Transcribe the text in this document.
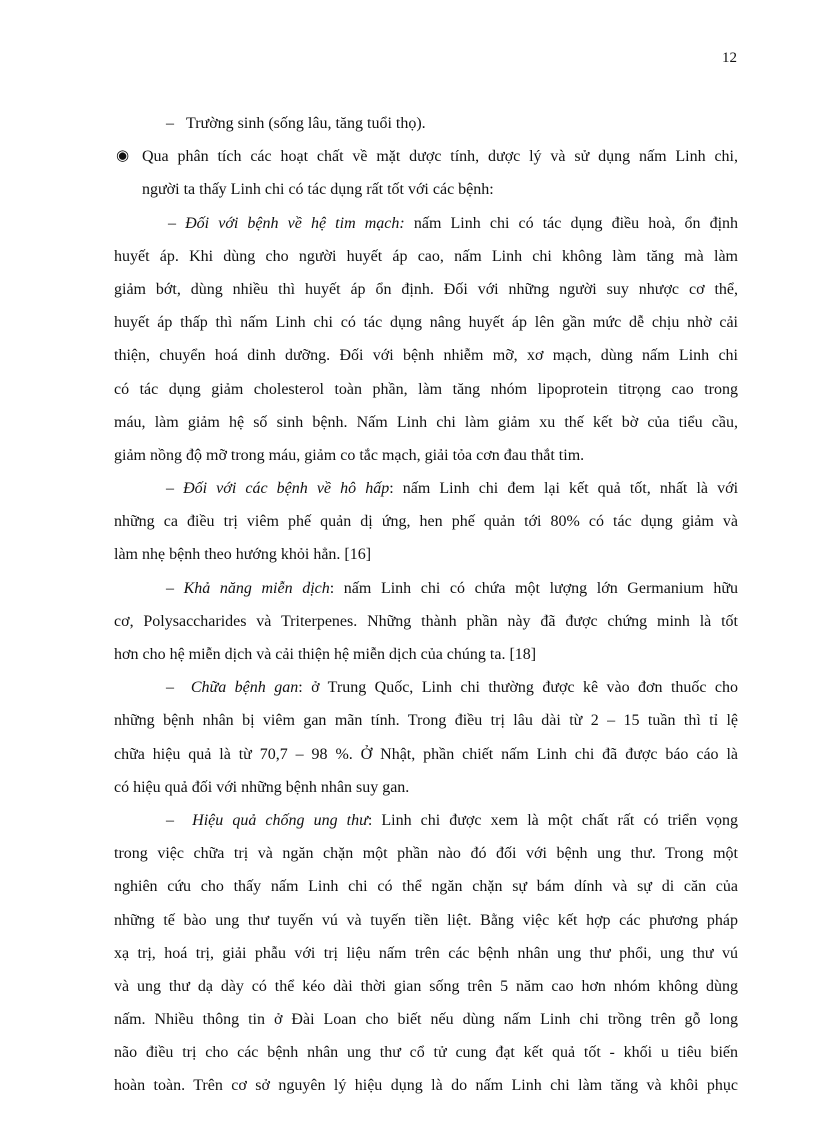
12
– Trường sinh (sống lâu, tăng tuổi thọ).
◉ Qua phân tích các hoạt chất về mặt dược tính, dược lý và sử dụng nấm Linh chi,
người ta thấy Linh chi có tác dụng rất tốt với các bệnh:
– Đối với bệnh về hệ tim mạch: nấm Linh chi có tác dụng điều hoà, ổn định
huyết áp. Khi dùng cho người huyết áp cao, nấm Linh chi không làm tăng mà làm
giảm bớt, dùng nhiều thì huyết áp ổn định. Đối với những người suy nhược cơ thể,
huyết áp thấp thì nấm Linh chi có tác dụng nâng huyết áp lên gần mức dễ chịu nhờ cải
thiện, chuyển hoá dinh dưỡng. Đối với bệnh nhiễm mỡ, xơ mạch, dùng nấm Linh chi
có tác dụng giảm cholesterol toàn phần, làm tăng nhóm lipoprotein titrọng cao trong
máu, làm giảm hệ số sinh bệnh. Nấm Linh chi làm giảm xu thế kết bờ của tiểu cầu,
giảm nồng độ mỡ trong máu, giảm co tắc mạch, giải tỏa cơn đau thắt tim.
– Đối với các bệnh về hô hấp: nấm Linh chi đem lại kết quả tốt, nhất là với
những ca điều trị viêm phế quản dị ứng, hen phế quản tới 80% có tác dụng giảm và
làm nhẹ bệnh theo hướng khỏi hẳn. [16]
– Khả năng miễn dịch: nấm Linh chi có chứa một lượng lớn Germanium hữu
cơ, Polysaccharides và Triterpenes. Những thành phần này đã được chứng minh là tốt
hơn cho hệ miễn dịch và cải thiện hệ miễn dịch của chúng ta. [18]
– Chữa bệnh gan: ở Trung Quốc, Linh chi thường được kê vào đơn thuốc cho
những bệnh nhân bị viêm gan mãn tính. Trong điều trị lâu dài từ 2 – 15 tuần thì tỉ lệ
chữa hiệu quả là từ 70,7 – 98 %. Ở Nhật, phần chiết nấm Linh chi đã được báo cáo là
có hiệu quả đối với những bệnh nhân suy gan.
– Hiệu quả chống ung thư: Linh chi được xem là một chất rất có triển vọng
trong việc chữa trị và ngăn chặn một phần nào đó đối với bệnh ung thư. Trong một
nghiên cứu cho thấy nấm Linh chi có thể ngăn chặn sự bám dính và sự di căn của
những tế bào ung thư tuyến vú và tuyến tiền liệt. Bằng việc kết hợp các phương pháp
xạ trị, hoá trị, giải phẫu với trị liệu nấm trên các bệnh nhân ung thư phổi, ung thư vú
và ung thư dạ dày có thể kéo dài thời gian sống trên 5 năm cao hơn nhóm không dùng
nấm. Nhiều thông tin ở Đài Loan cho biết nếu dùng nấm Linh chi trồng trên gỗ long
não điều trị cho các bệnh nhân ung thư cổ tử cung đạt kết quả tốt - khối u tiêu biến
hoàn toàn. Trên cơ sở nguyên lý hiệu dụng là do nấm Linh chi làm tăng và khôi phục
